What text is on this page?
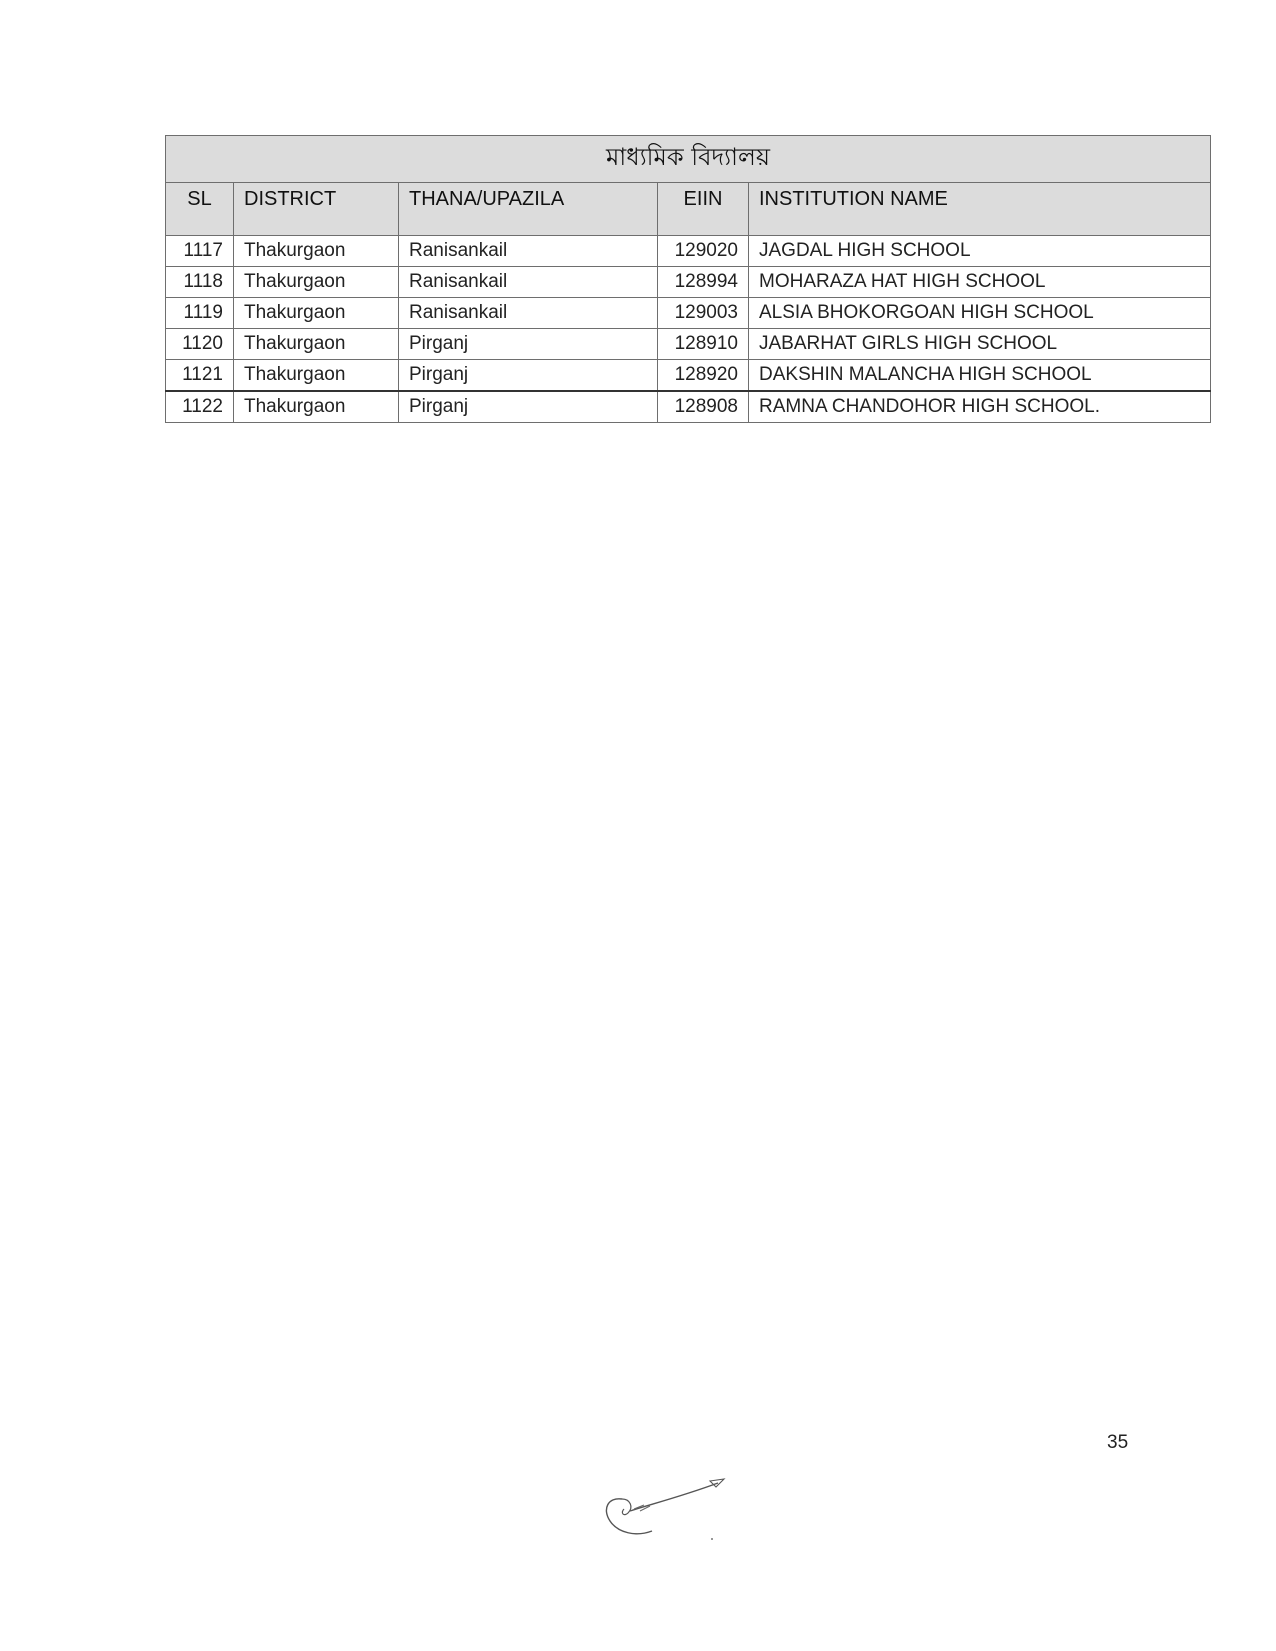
মাধ্যমিক বিদ্যালয়				
SL	DISTRICT	THANA/UPAZILA	EIIN	INSTITUTION NAME
1117	Thakurgaon	Ranisankail	129020	JAGDAL HIGH SCHOOL
1118	Thakurgaon	Ranisankail	128994	MOHARAZA HAT HIGH SCHOOL
1119	Thakurgaon	Ranisankail	129003	ALSIA BHOKORGOAN HIGH SCHOOL
1120	Thakurgaon	Pirganj	128910	JABARHAT GIRLS HIGH SCHOOL
1121	Thakurgaon	Pirganj	128920	DAKSHIN MALANCHA HIGH SCHOOL
1122	Thakurgaon	Pirganj	128908	RAMNA CHANDOHOR HIGH SCHOOL.
35
